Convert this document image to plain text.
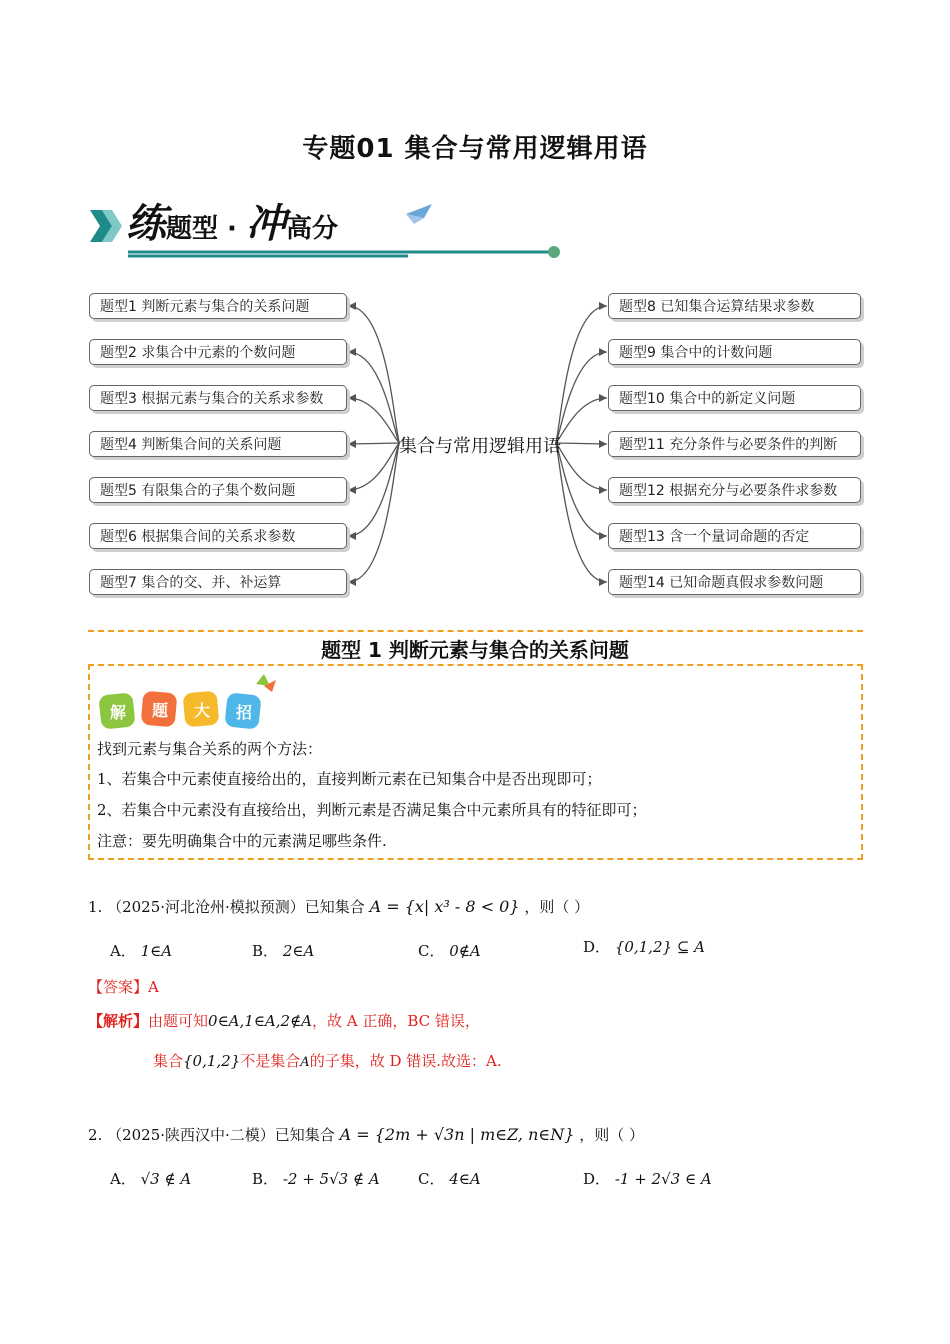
专题01 集合与常用逻辑用语
练题型 · 冲高分
题型1 判断元素与集合的关系问题
题型2 求集合中元素的个数问题
题型3 根据元素与集合的关系求参数
题型4 判断集合间的关系问题
题型5 有限集合的子集个数问题
题型6 根据集合间的关系求参数
题型7 集合的交、并、补运算
题型8 已知集合运算结果求参数
题型9 集合中的计数问题
题型10 集合中的新定义问题
题型11 充分条件与必要条件的判断
题型12 根据充分与必要条件求参数
题型13 含一个量词命题的否定
题型14 已知命题真假求参数问题
集合与常用逻辑用语
题型 1 判断元素与集合的关系问题
解 题 大 招
找到元素与集合关系的两个方法：
1、若集合中元素使直接给出的，直接判断元素在已知集合中是否出现即可；
2、若集合中元素没有直接给出，判断元素是否满足集合中元素所具有的特征即可；
注意：要先明确集合中的元素满足哪些条件.
1. （2025·河北沧州·模拟预测）已知集合 A = {x| x³ - 8 < 0} ，则（ ）
A． 1∈A	B． 2∈A	C． 0∉A	D． {0,1,2} ⊆ A
【答案】A
【解析】由题可知0∈A,1∈A,2∉A，故 A 正确，BC 错误，
集合{0,1,2}不是集合A的子集，故 D 错误.故选：A.
2. （2025·陕西汉中·二模）已知集合 A = {2m + √3n | m∈Z, n∈N} ，则（ ）
A． √3 ∉ A	B． -2 + 5√3 ∉ A	C． 4∈A	D． -1 + 2√3 ∈ A
